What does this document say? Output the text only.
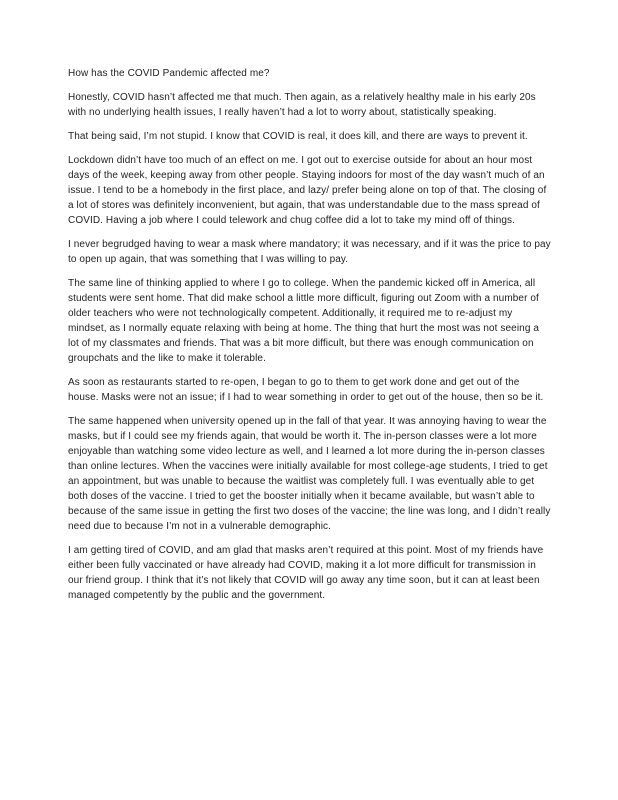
How has the COVID Pandemic affected me?

Honestly, COVID hasn’t affected me that much. Then again, as a relatively healthy male in his early 20s with no underlying health issues, I really haven’t had a lot to worry about, statistically speaking.

That being said, I’m not stupid. I know that COVID is real, it does kill, and there are ways to prevent it.

Lockdown didn’t have too much of an effect on me. I got out to exercise outside for about an hour most days of the week, keeping away from other people. Staying indoors for most of the day wasn’t much of an issue. I tend to be a homebody in the first place, and lazy/ prefer being alone on top of that. The closing of a lot of stores was definitely inconvenient, but again, that was understandable due to the mass spread of COVID. Having a job where I could telework and chug coffee did a lot to take my mind off of things.

I never begrudged having to wear a mask where mandatory; it was necessary, and if it was the price to pay to open up again, that was something that I was willing to pay.

The same line of thinking applied to where I go to college. When the pandemic kicked off in America, all students were sent home. That did make school a little more difficult, figuring out Zoom with a number of older teachers who were not technologically competent. Additionally, it required me to re-adjust my mindset, as I normally equate relaxing with being at home. The thing that hurt the most was not seeing a lot of my classmates and friends. That was a bit more difficult, but there was enough communication on groupchats and the like to make it tolerable.

As soon as restaurants started to re-open, I began to go to them to get work done and get out of the house. Masks were not an issue; if I had to wear something in order to get out of the house, then so be it.

The same happened when university opened up in the fall of that year. It was annoying having to wear the masks, but if I could see my friends again, that would be worth it. The in-person classes were a lot more enjoyable than watching some video lecture as well, and I learned a lot more during the in-person classes than online lectures. When the vaccines were initially available for most college-age students, I tried to get an appointment, but was unable to because the waitlist was completely full. I was eventually able to get both doses of the vaccine. I tried to get the booster initially when it became available, but wasn’t able to because of the same issue in getting the first two doses of the vaccine; the line was long, and I didn’t really need due to because I’m not in a vulnerable demographic.

I am getting tired of COVID, and am glad that masks aren’t required at this point. Most of my friends have either been fully vaccinated or have already had COVID, making it a lot more difficult for transmission in our friend group. I think that it’s not likely that COVID will go away any time soon, but it can at least been managed competently by the public and the government.
